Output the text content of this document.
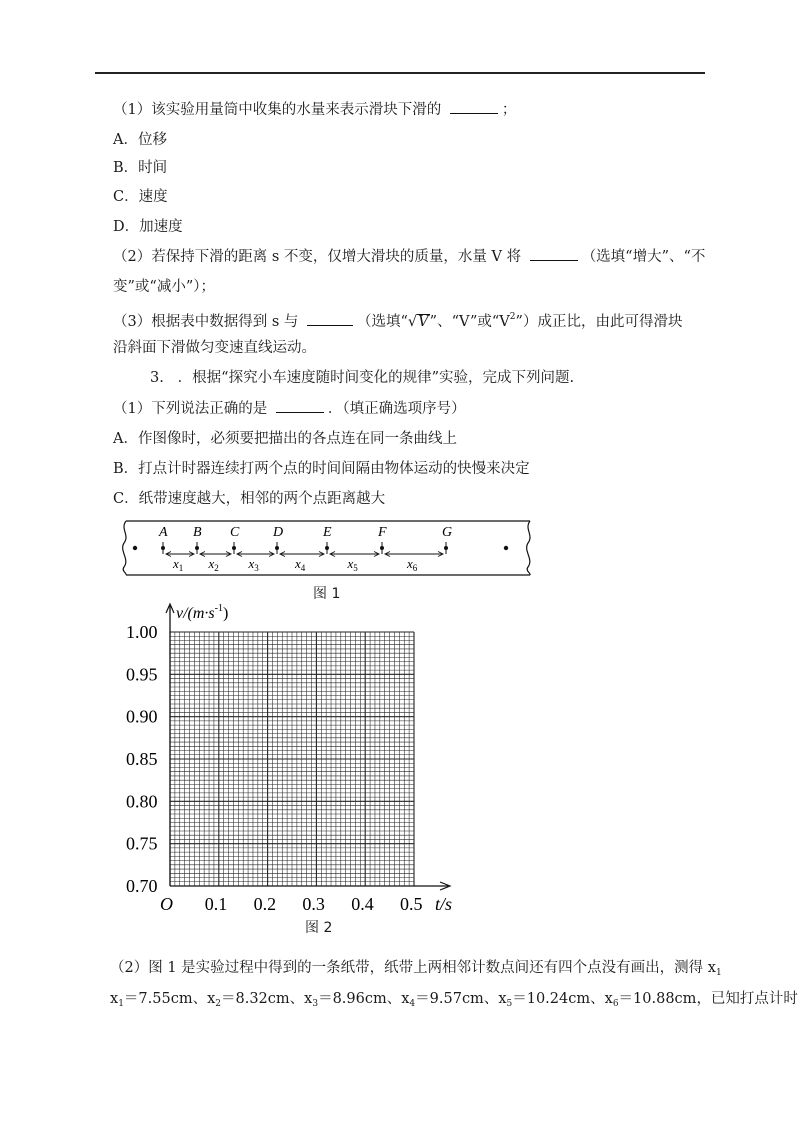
（1）该实验用量筒中收集的水量来表示滑块下滑的	；
A．位移
B．时间
C．速度
D．加速度
（2）若保持下滑的距离 s 不变，仅增大滑块的质量，水量 V 将	（选填“增大”、“不
变”或“减小”）；
（3）根据表中数据得到 s 与	（选填“√V”、“V”或“$V^2$”）成正比，由此可得滑块
沿斜面下滑做匀变速直线运动。
3.   ．根据“探究小车速度随时间变化的规律”实验，完成下列问题.
（1）下列说法正确的是	．（填正确选项序号）
A．作图像时，必须要把描出的各点连在同一条曲线上
B．打点计时器连续打两个点的时间间隔由物体运动的快慢来决定
C．纸带速度越大，相邻的两个点距离越大
A B C D	E	F	G
$x_1$ $x_2$ $x_3$	$x_4$	$x_5$	$x_6$
图 1
$v/(m\cdot s^{-1})$
1.00
0.95
0.90
0.85
0.80
0.75
0.70
0.1 0.2 0.3 0.4 0.5
O	t/s
图 2
（2）图 1 是实验过程中得到的一条纸带，纸带上两相邻计数点间还有四个点没有画出，测得 $x_1$
$x_1=7.55cm$、$x_2=8.32cm$、$x_3=8.96cm$、$x_4=9.57cm$、$x_5=10.24cm$、$x_6=10.88cm$，已知打点计时
